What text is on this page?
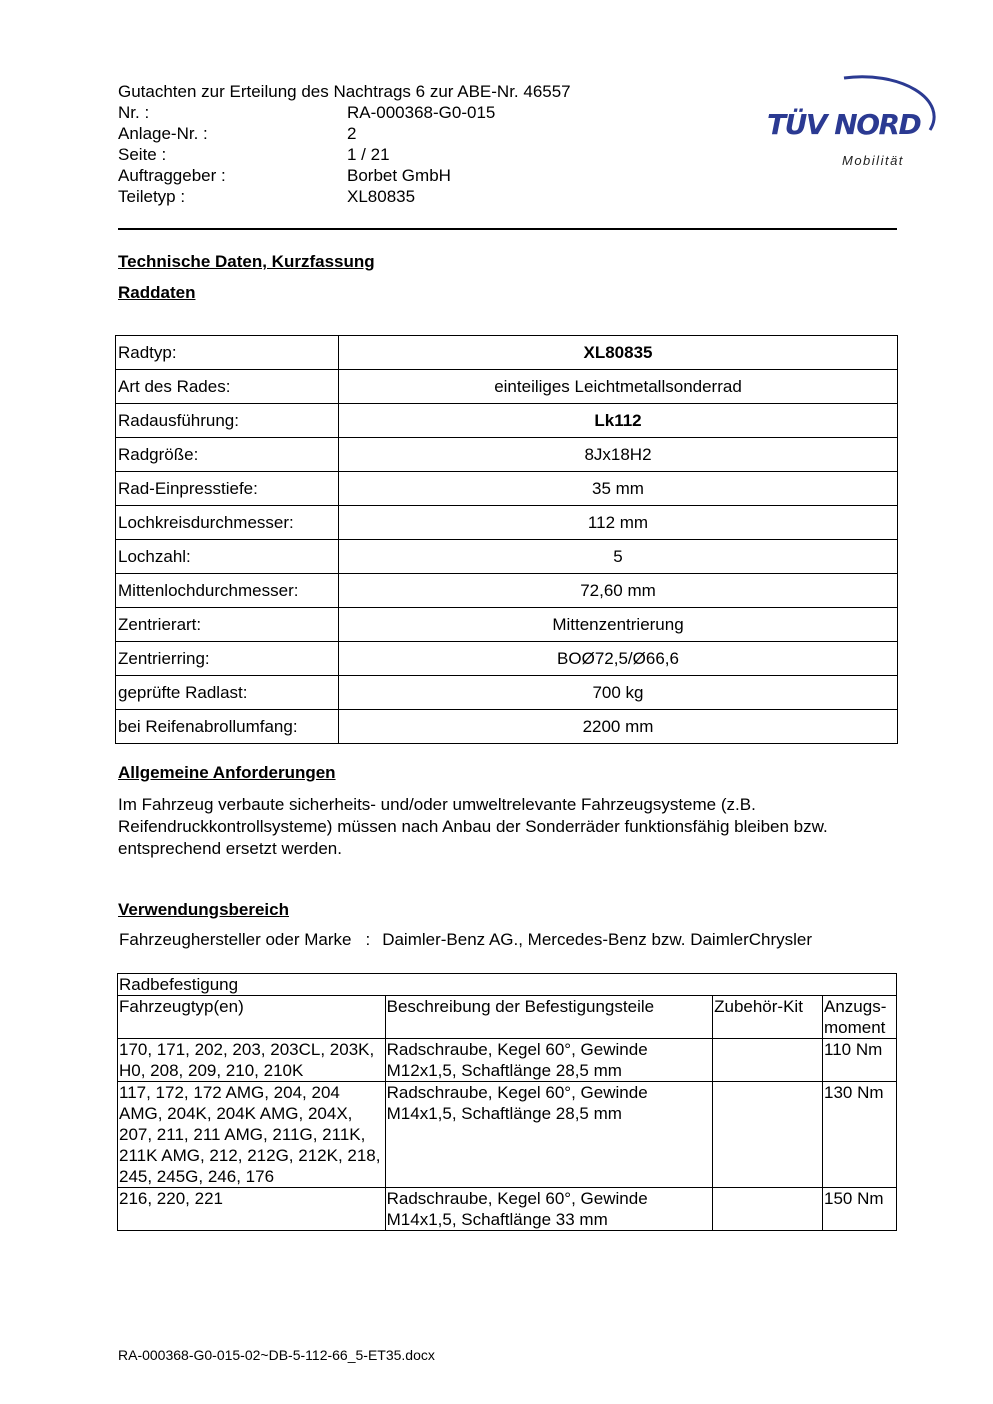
Gutachten zur Erteilung des Nachtrags 6 zur ABE-Nr. 46557
Nr. :	RA-000368-G0-015
Anlage-Nr. :	2
Seite :	1 / 21
Auftraggeber :	Borbet GmbH
Teiletyp :	XL80835
TÜV NORD
Mobilität
Technische Daten, Kurzfassung
Raddaten
Radtyp:	XL80835
Art des Rades:	einteiliges Leichtmetallsonderrad
Radausführung:	Lk112
Radgröße:	8Jx18H2
Rad-Einpresstiefe:	35 mm
Lochkreisdurchmesser:	112 mm
Lochzahl:	5
Mittenlochdurchmesser:	72,60 mm
Zentrierart:	Mittenzentrierung
Zentrierring:	BOØ72,5/Ø66,6
geprüfte Radlast:	700 kg
bei Reifenabrollumfang:	2200 mm
Allgemeine Anforderungen
Im Fahrzeug verbaute sicherheits- und/oder umweltrelevante Fahrzeugsysteme (z.B. Reifendruckkontrollsysteme) müssen nach Anbau der Sonderräder funktionsfähig bleiben bzw. entsprechend ersetzt werden.
Verwendungsbereich
Fahrzeughersteller oder Marke : Daimler-Benz AG., Mercedes-Benz bzw. DaimlerChrysler
Radbefestigung			
Fahrzeugtyp(en)	Beschreibung der Befestigungsteile	Zubehör-Kit	Anzugs-moment
170, 171, 202, 203, 203CL, 203K, H0, 208, 209, 210, 210K	Radschraube, Kegel 60°, Gewinde M12x1,5, Schaftlänge 28,5 mm		110 Nm
117, 172, 172 AMG, 204, 204 AMG, 204K, 204K AMG, 204X, 207, 211, 211 AMG, 211G, 211K, 211K AMG, 212, 212G, 212K, 218, 245, 245G, 246, 176	Radschraube, Kegel 60°, Gewinde M14x1,5, Schaftlänge 28,5 mm		130 Nm
216, 220, 221	Radschraube, Kegel 60°, Gewinde M14x1,5, Schaftlänge 33 mm		150 Nm
RA-000368-G0-015-02~DB-5-112-66_5-ET35.docx
